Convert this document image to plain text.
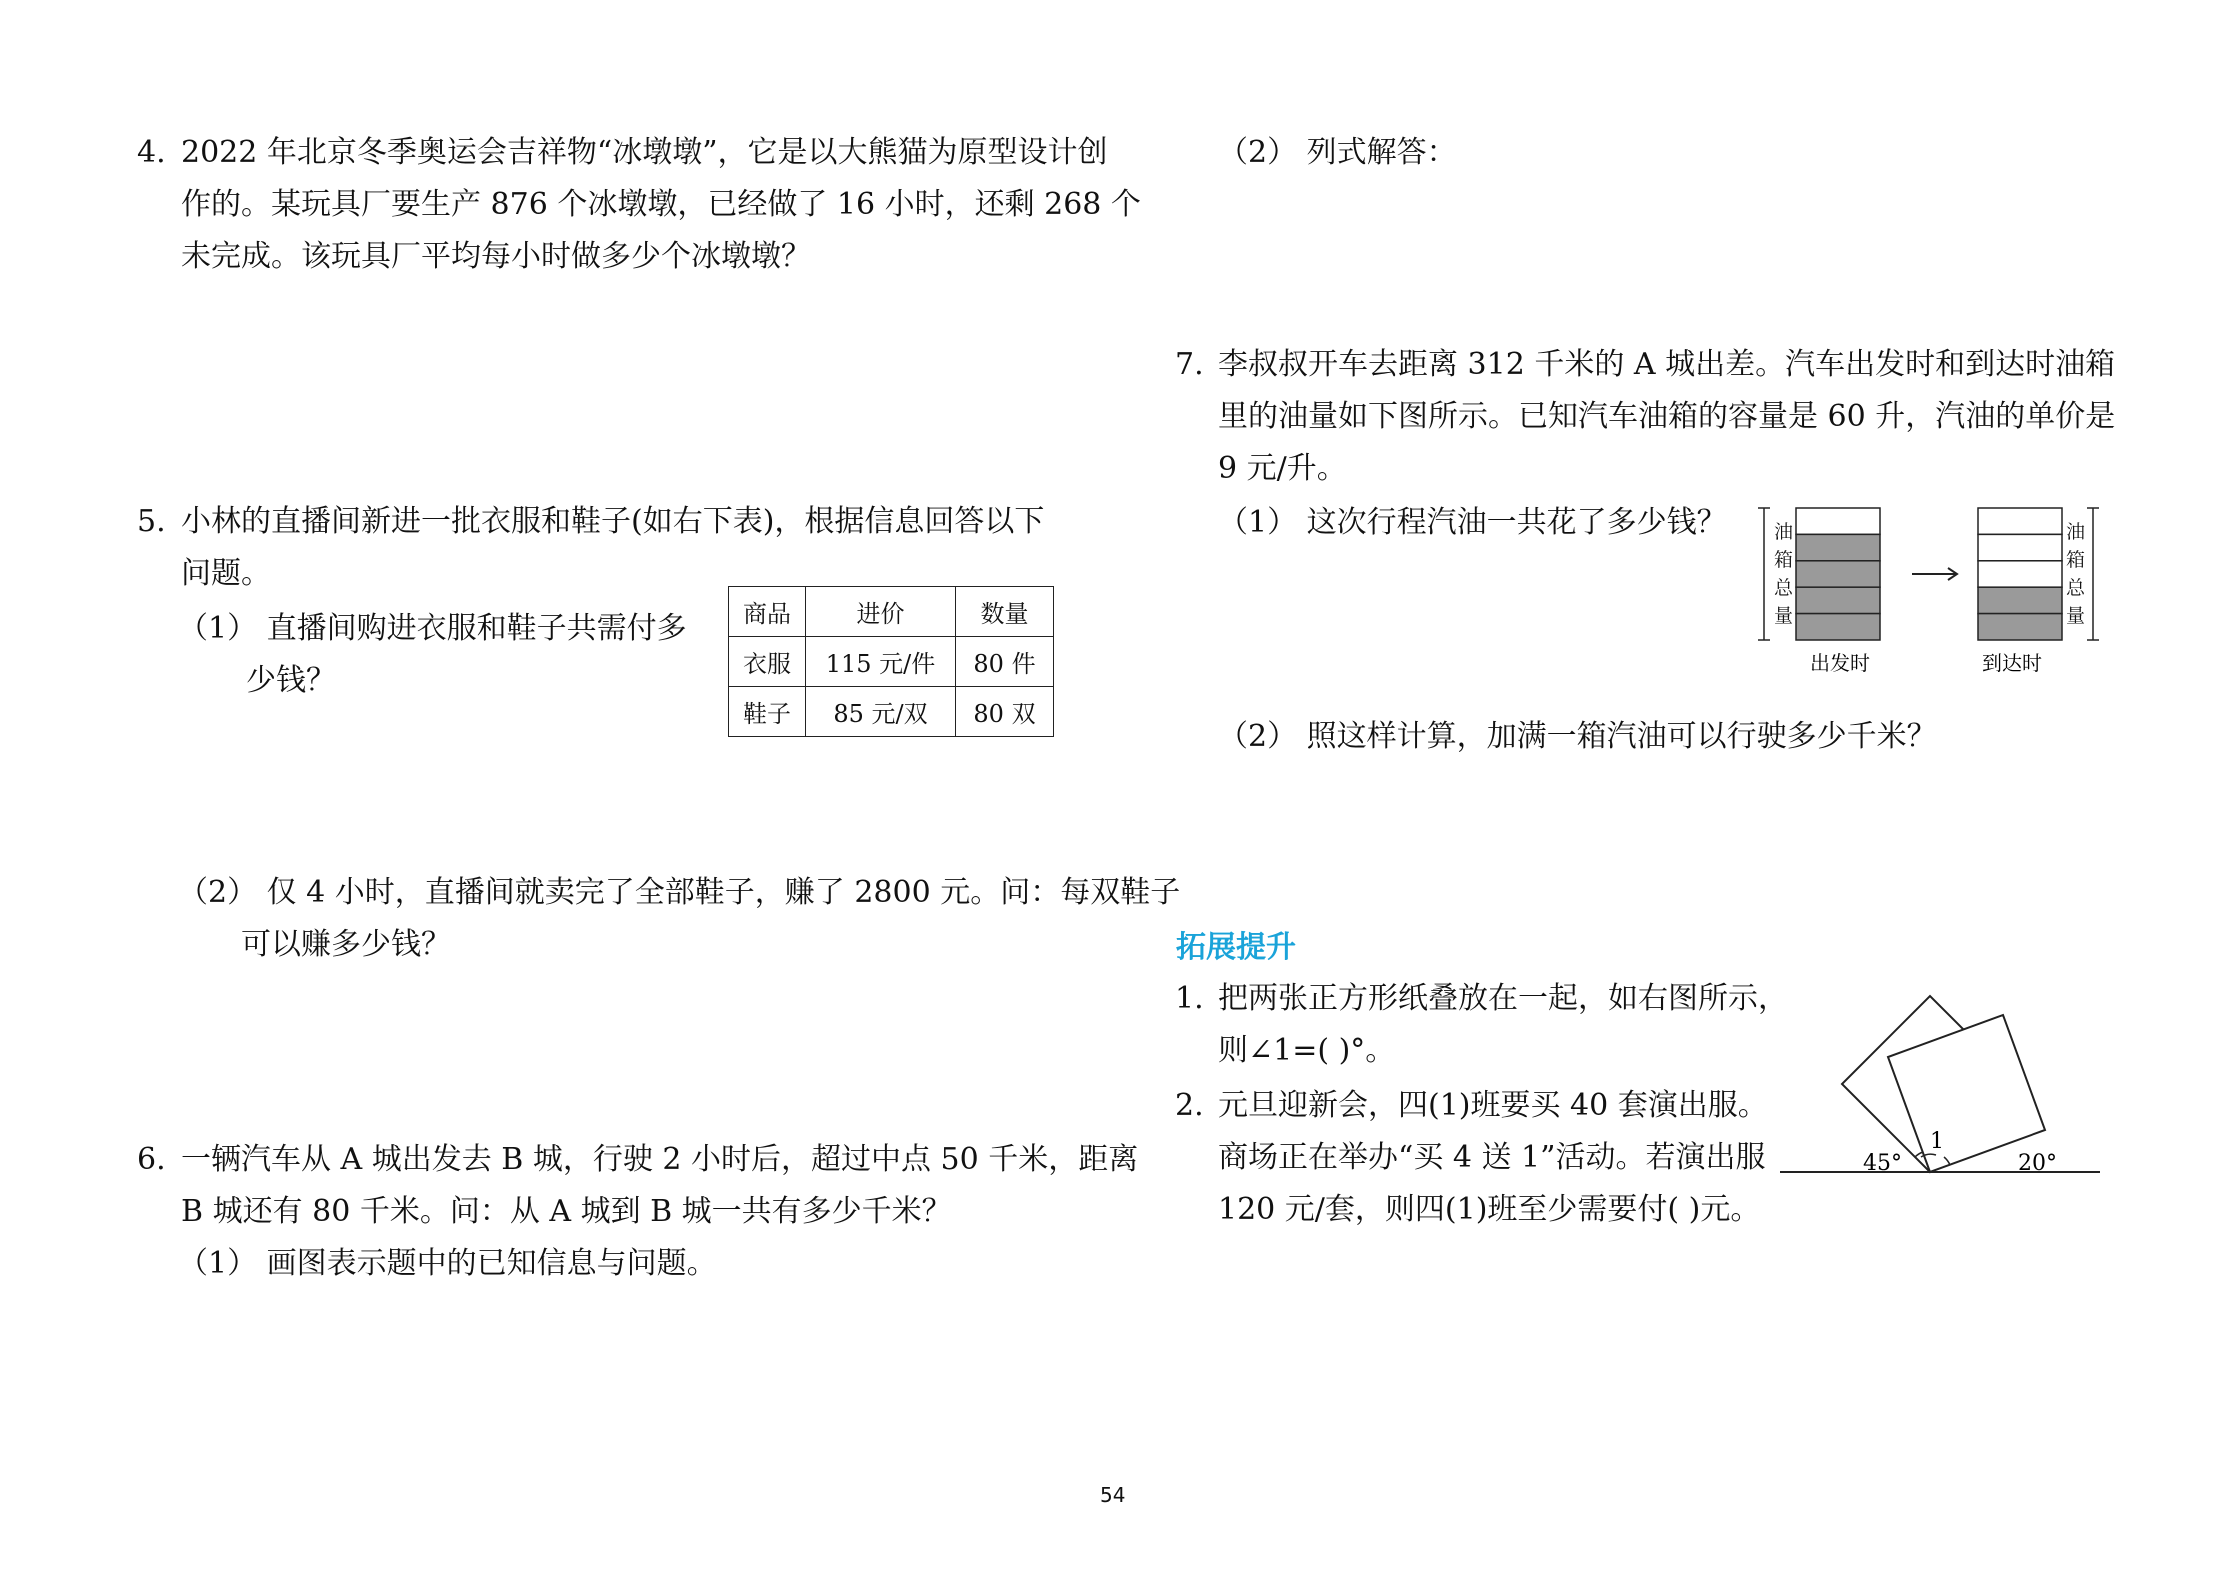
4. 2022 年北京冬季奥运会吉祥物“冰墩墩”，它是以大熊猫为原型设计创
作的。某玩具厂要生产 876 个冰墩墩，已经做了 16 小时，还剩 268 个
未完成。该玩具厂平均每小时做多少个冰墩墩？
5. 小林的直播间新进一批衣服和鞋子(如右下表)，根据信息回答以下
问题。
（1） 直播间购进衣服和鞋子共需付多
少钱？
商品	进价	数量
衣服	115 元/件	80 件
鞋子	85 元/双	80 双
（2） 仅 4 小时，直播间就卖完了全部鞋子，赚了 2800 元。问：每双鞋子
可以赚多少钱？
6. 一辆汽车从 A 城出发去 B 城，行驶 2 小时后，超过中点 50 千米，距离
B 城还有 80 千米。问：从 A 城到 B 城一共有多少千米？
（1） 画图表示题中的已知信息与问题。
（2） 列式解答：
7. 李叔叔开车去距离 312 千米的 A 城出差。汽车出发时和到达时油箱
里的油量如下图所示。已知汽车油箱的容量是 60 升，汽油的单价是
9 元/升。
（1） 这次行程汽油一共花了多少钱？
（2） 照这样计算，加满一箱汽油可以行驶多少千米？
油
箱
总
量
油
箱
总
量
出发时	到达时
拓展提升
1. 把两张正方形纸叠放在一起，如右图所示，
则∠1=( )°。
2. 元旦迎新会，四(1)班要买 40 套演出服。
商场正在举办“买 4 送 1”活动。若演出服
120 元/套，则四(1)班至少需要付( )元。
45°	20°
1
54
